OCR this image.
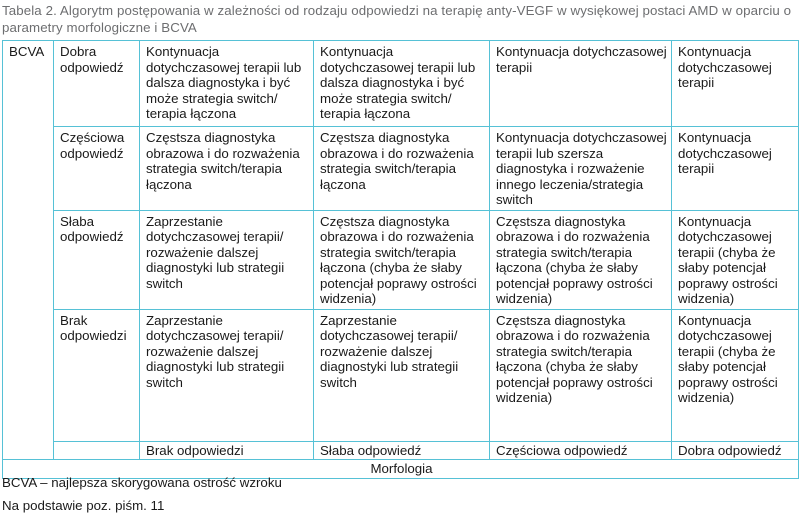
Tabela 2. Algorytm postępowania w zależności od rodzaju odpowiedzi na terapię anty-VEGF w wysiękowej postaci AMD w oparciu o parametry morfologiczne i BCVA
BCVA	Dobra odpowiedź	Kontynuacja dotychczasowej terapii lub dalsza diagnostyka i być może strategia switch/ terapia łączona	Kontynuacja dotychczasowej terapii lub dalsza diagnostyka i być może strategia switch/ terapia łączona	Kontynuacja dotychczasowej terapii	Kontynuacja dotychczasowej terapii
	Częściowa odpowiedź	Częstsza diagnostyka obrazowa i do rozważenia strategia switch/terapia łączona	Częstsza diagnostyka obrazowa i do rozważenia strategia switch/terapia łączona	Kontynuacja dotychczasowej terapii lub szersza diagnostyka i rozważenie innego leczenia/strategia switch	Kontynuacja dotychczasowej terapii
	Słaba odpowiedź	Zaprzestanie dotychczasowej terapii/ rozważenie dalszej diagnostyki lub strategii switch	Częstsza diagnostyka obrazowa i do rozważenia strategia switch/terapia łączona (chyba że słaby potencjał poprawy ostrości widzenia)	Częstsza diagnostyka obrazowa i do rozważenia strategia switch/terapia łączona (chyba że słaby potencjał poprawy ostrości widzenia)	Kontynuacja dotychczasowej terapii (chyba że słaby potencjał poprawy ostrości widzenia)
	Brak odpowiedzi	Zaprzestanie dotychczasowej terapii/ rozważenie dalszej diagnostyki lub strategii switch	Zaprzestanie dotychczasowej terapii/ rozważenie dalszej diagnostyki lub strategii switch	Częstsza diagnostyka obrazowa i do rozważenia strategia switch/terapia łączona (chyba że słaby potencjał poprawy ostrości widzenia)	Kontynuacja dotychczasowej terapii (chyba że słaby potencjał poprawy ostrości widzenia)
		Brak odpowiedzi	Słaba odpowiedź	Częściowa odpowiedź	Dobra odpowiedź
Morfologia					
BCVA – najlepsza skorygowana ostrość wzroku
Na podstawie poz. piśm. 11
